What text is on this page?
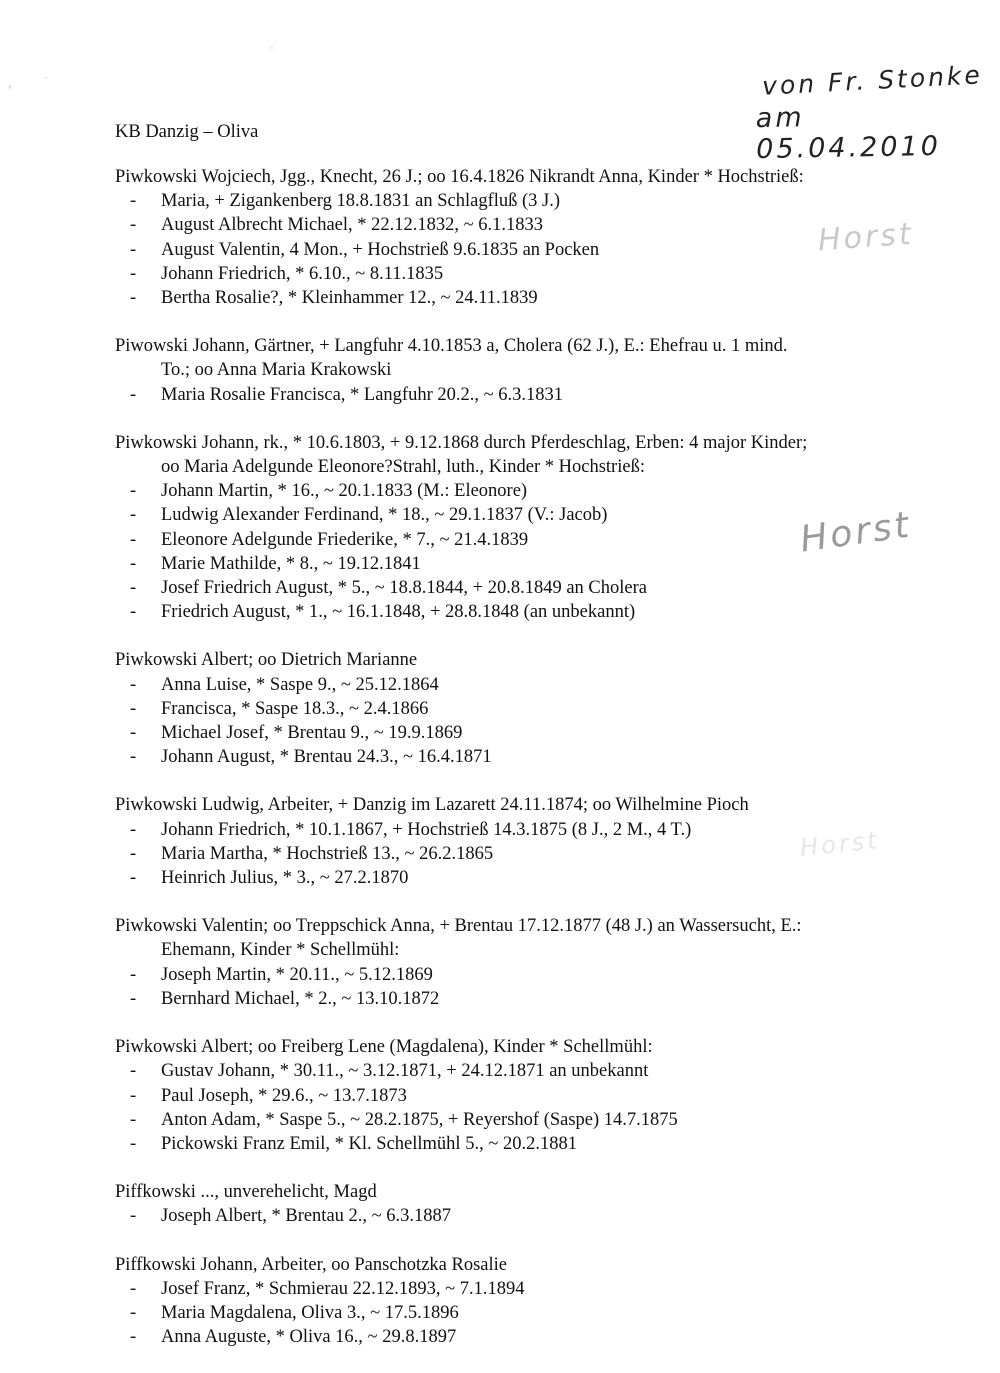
,	·
·
von Fr. Stonke
am 05.04.2010
Horst
Horst
Horst
KB Danzig – Oliva
Piwkowski Wojciech, Jgg., Knecht, 26 J.; oo 16.4.1826 Nikrandt Anna, Kinder * Hochstrieß:
- Maria, + Zigankenberg 18.8.1831 an Schlagfluß (3 J.)
- August Albrecht Michael, * 22.12.1832, ~ 6.1.1833
- August Valentin, 4 Mon., + Hochstrieß 9.6.1835 an Pocken
- Johann Friedrich, * 6.10., ~ 8.11.1835
- Bertha Rosalie?, * Kleinhammer 12., ~ 24.11.1839
Piwowski Johann, Gärtner, + Langfuhr 4.10.1853 a, Cholera (62 J.), E.: Ehefrau u. 1 mind.
To.; oo Anna Maria Krakowski
- Maria Rosalie Francisca, * Langfuhr 20.2., ~ 6.3.1831
Piwkowski Johann, rk., * 10.6.1803, + 9.12.1868 durch Pferdeschlag, Erben: 4 major Kinder;
oo Maria Adelgunde Eleonore?Strahl, luth., Kinder * Hochstrieß:
- Johann Martin, * 16., ~ 20.1.1833 (M.: Eleonore)
- Ludwig Alexander Ferdinand, * 18., ~ 29.1.1837 (V.: Jacob)
- Eleonore Adelgunde Friederike, * 7., ~ 21.4.1839
- Marie Mathilde, * 8., ~ 19.12.1841
- Josef Friedrich August, * 5., ~ 18.8.1844, + 20.8.1849 an Cholera
- Friedrich August, * 1., ~ 16.1.1848, + 28.8.1848 (an unbekannt)
Piwkowski Albert; oo Dietrich Marianne
- Anna Luise, * Saspe 9., ~ 25.12.1864
- Francisca, * Saspe 18.3., ~ 2.4.1866
- Michael Josef, * Brentau 9., ~ 19.9.1869
- Johann August, * Brentau 24.3., ~ 16.4.1871
Piwkowski Ludwig, Arbeiter, + Danzig im Lazarett 24.11.1874; oo Wilhelmine Pioch
- Johann Friedrich, * 10.1.1867, + Hochstrieß 14.3.1875 (8 J., 2 M., 4 T.)
- Maria Martha, * Hochstrieß 13., ~ 26.2.1865
- Heinrich Julius, * 3., ~ 27.2.1870
Piwkowski Valentin; oo Treppschick Anna, + Brentau 17.12.1877 (48 J.) an Wassersucht, E.:
Ehemann, Kinder * Schellmühl:
- Joseph Martin, * 20.11., ~ 5.12.1869
- Bernhard Michael, * 2., ~ 13.10.1872
Piwkowski Albert; oo Freiberg Lene (Magdalena), Kinder * Schellmühl:
- Gustav Johann, * 30.11., ~ 3.12.1871, + 24.12.1871 an unbekannt
- Paul Joseph, * 29.6., ~ 13.7.1873
- Anton Adam, * Saspe 5., ~ 28.2.1875, + Reyershof (Saspe) 14.7.1875
- Pickowski Franz Emil, * Kl. Schellmühl 5., ~ 20.2.1881
Piffkowski ..., unverehelicht, Magd
- Joseph Albert, * Brentau 2., ~ 6.3.1887
Piffkowski Johann, Arbeiter, oo Panschotzka Rosalie
- Josef Franz, * Schmierau 22.12.1893, ~ 7.1.1894
- Maria Magdalena, Oliva 3., ~ 17.5.1896
- Anna Auguste, * Oliva 16., ~ 29.8.1897
